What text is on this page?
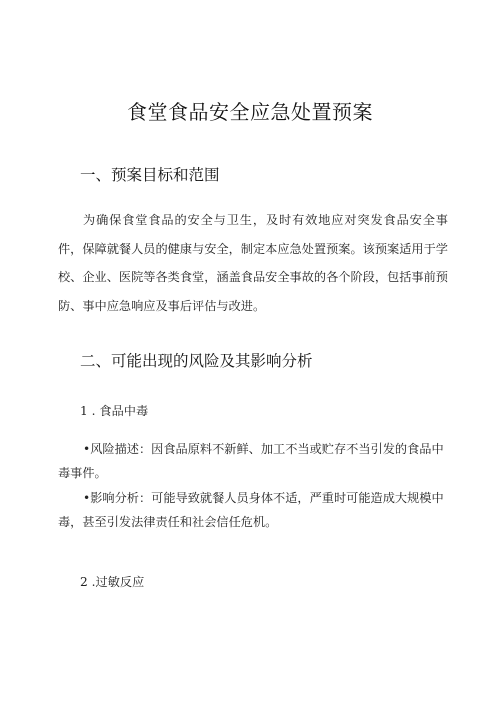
食堂食品安全应急处置预案
一、预案目标和范围
为确保食堂食品的安全与卫生，及时有效地应对突发食品安全事件，保障就餐人员的健康与安全，制定本应急处置预案。该预案适用于学校、企业、医院等各类食堂，涵盖食品安全事故的各个阶段，包括事前预防、事中应急响应及事后评估与改进。
二、可能出现的风险及其影响分析
1 . 食品中毒
•风险描述：因食品原料不新鲜、加工不当或贮存不当引发的食品中毒事件。
•影响分析：可能导致就餐人员身体不适，严重时可能造成大规模中毒，甚至引发法律责任和社会信任危机。
2 .过敏反应
